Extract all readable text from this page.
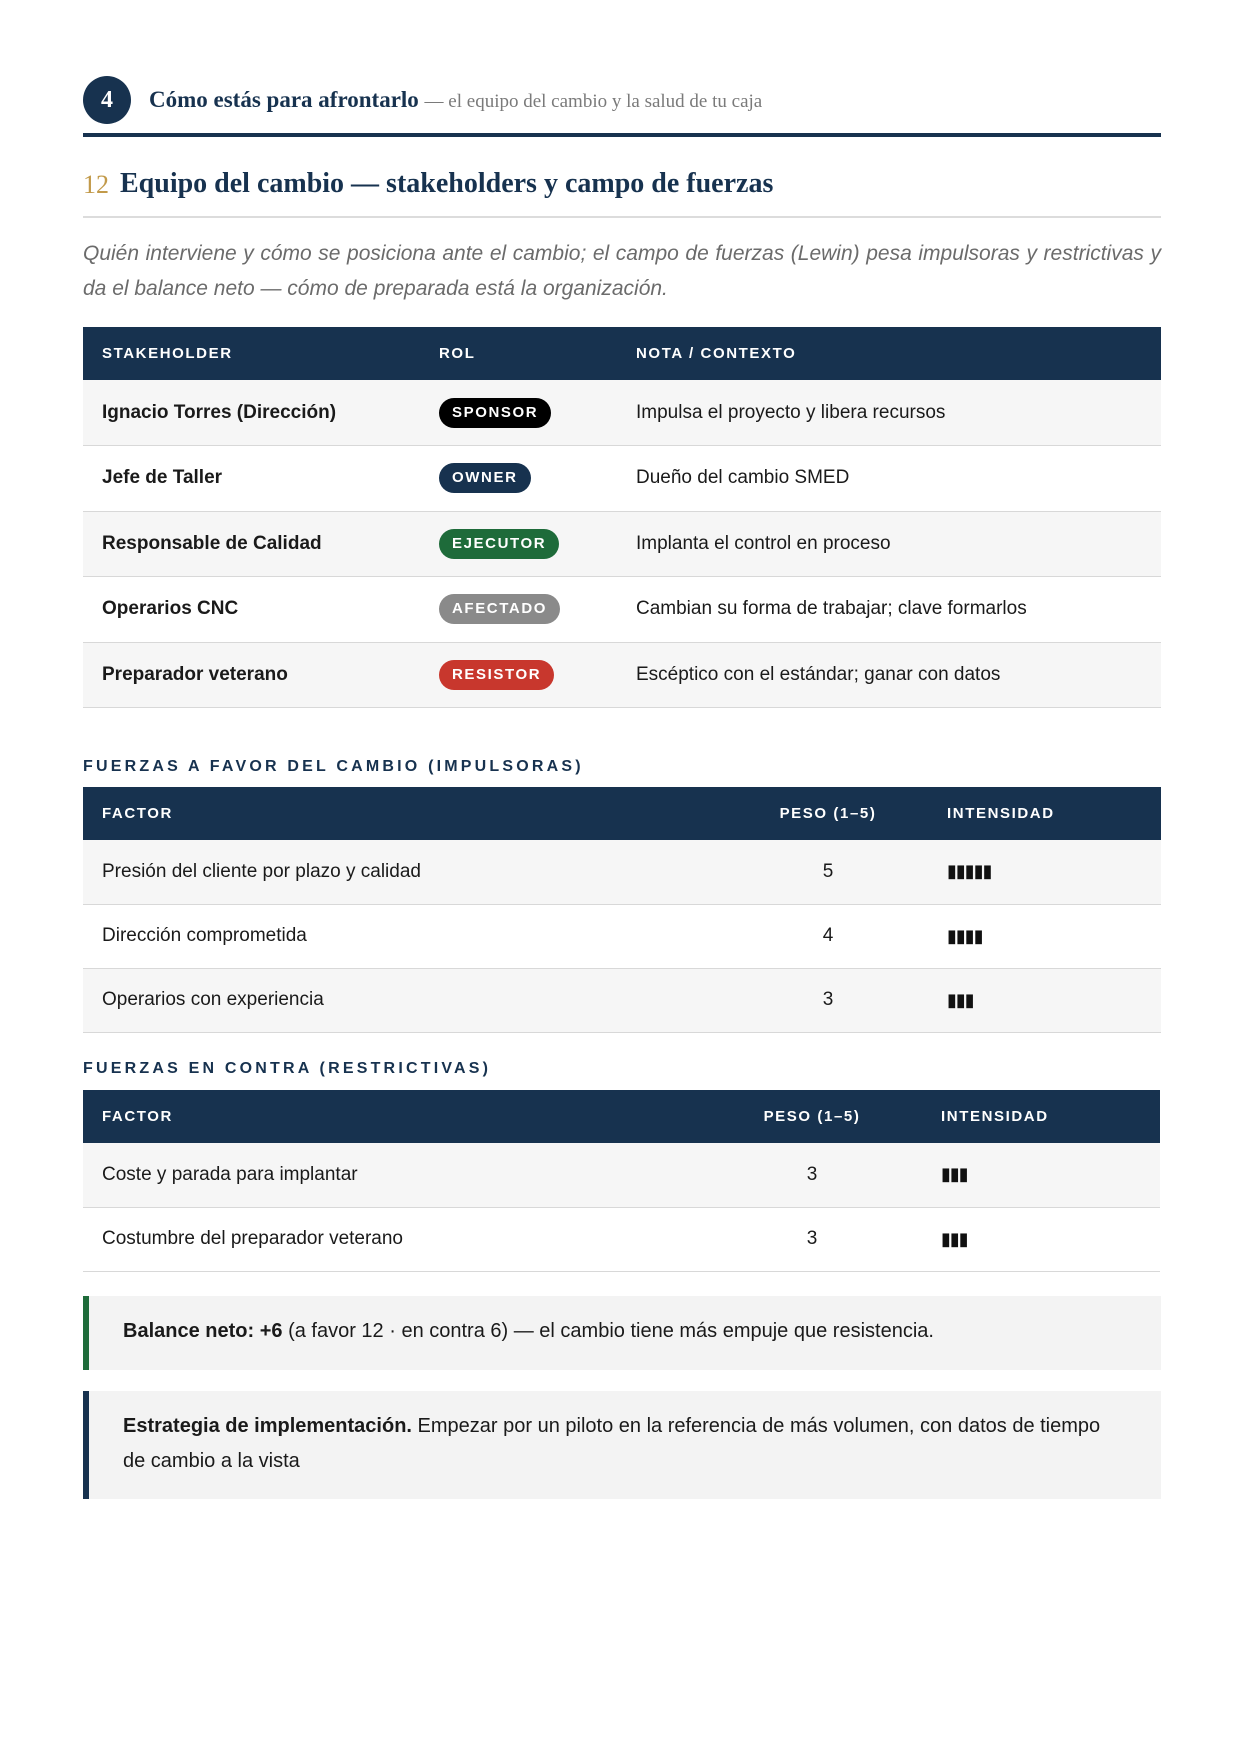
4	Cómo estás para afrontarlo — el equipo del cambio y la salud de tu caja
12 Equipo del cambio — stakeholders y campo de fuerzas

Quién interviene y cómo se posiciona ante el cambio; el campo de fuerzas (Lewin) pesa impulsoras y restrictivas y da el balance neto — cómo de preparada está la organización.

STAKEHOLDER	ROL	NOTA / CONTEXTO
Ignacio Torres (Dirección)	SPONSOR	Impulsa el proyecto y libera recursos
Jefe de Taller	OWNER	Dueño del cambio SMED
Responsable de Calidad	EJECUTOR	Implanta el control en proceso
Operarios CNC	AFECTADO	Cambian su forma de trabajar; clave formarlos
Preparador veterano	RESISTOR	Escéptico con el estándar; ganar con datos
FUERZAS A FAVOR DEL CAMBIO (IMPULSORAS)
FACTOR	PESO (1–5)	INTENSIDAD
Presión del cliente por plazo y calidad	5	▮▮▮▮▮
Dirección comprometida	4	▮▮▮▮
Operarios con experiencia	3	▮▮▮
FUERZAS EN CONTRA (RESTRICTIVAS)
FACTOR	PESO (1–5)	INTENSIDAD
Coste y parada para implantar	3	▮▮▮
Costumbre del preparador veterano	3	▮▮▮
Balance neto: +6 (a favor 12 · en contra 6) — el cambio tiene más empuje que resistencia.
Estrategia de implementación. Empezar por un piloto en la referencia de más volumen, con datos de tiempo de cambio a la vista
